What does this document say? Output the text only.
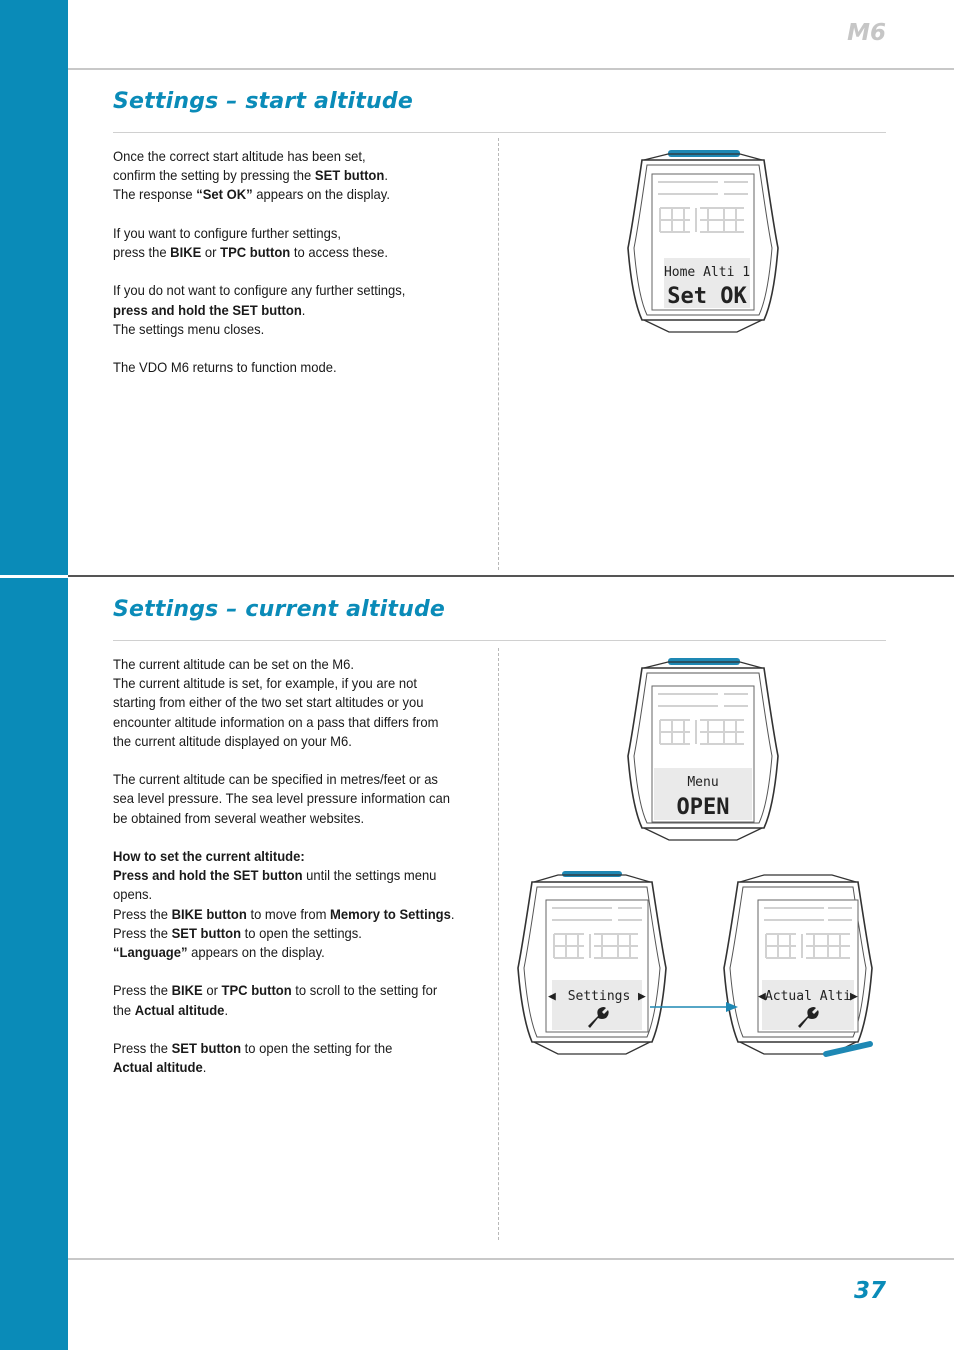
M6
Settings – start altitude

Once the correct start altitude has been set,
confirm the setting by pressing the SET button.
The response “Set OK” appears on the display.

If you want to configure further settings,
press the BIKE or TPC button to access these.

If you do not want to configure any further settings,
press and hold the SET button.
The settings menu closes.

The VDO M6 returns to function mode.

Home Alti 1
Set OK
Settings – current altitude

The current altitude can be set on the M6.
The current altitude is set, for example, if you are not starting from either of the two set start altitudes or you encounter altitude information on a pass that differs from the current altitude displayed on your M6.

The current altitude can be specified in metres/feet or as sea level pressure. The sea level pressure information can be obtained from several weather websites.

How to set the current altitude:
Press and hold the SET button until the settings menu opens.
Press the BIKE button to move from Memory to Settings.
Press the SET button to open the settings.
“Language” appears on the display.

Press the BIKE or TPC button to scroll to the setting for the Actual altitude.

Press the SET button to open the setting for the
Actual altitude.

Menu
OPEN
◀ Settings ▶	◀ Actual Alti
▶
37
